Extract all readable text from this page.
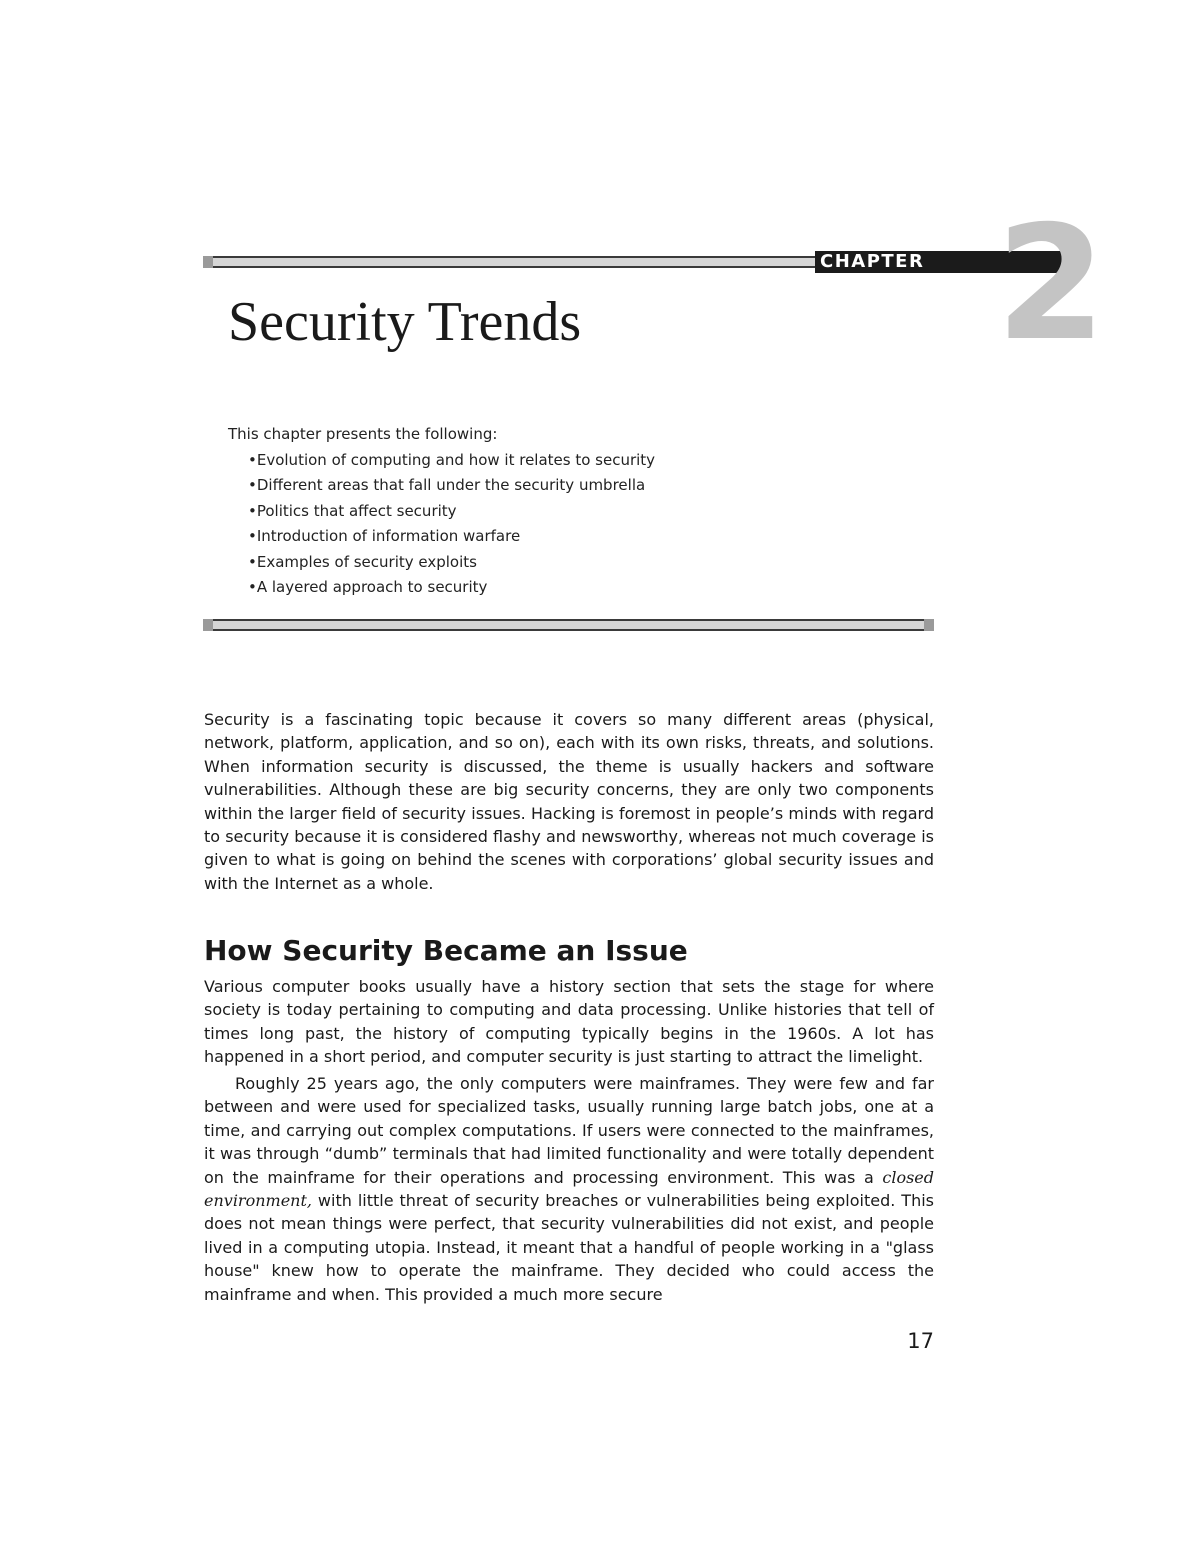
CHAPTER 2
Security Trends
This chapter presents the following:
• Evolution of computing and how it relates to security
• Different areas that fall under the security umbrella
• Politics that affect security
• Introduction of information warfare
• Examples of security exploits
• A layered approach to security

Security is a fascinating topic because it covers so many different areas (physical, network, platform, application, and so on), each with its own risks, threats, and solutions. When information security is discussed, the theme is usually hackers and software vulnerabilities. Although these are big security concerns, they are only two components within the larger field of security issues. Hacking is foremost in people’s minds with regard to security because it is considered flashy and newsworthy, whereas not much coverage is given to what is going on behind the scenes with corporations’ global security issues and with the Internet as a whole.

How Security Became an Issue

Various computer books usually have a history section that sets the stage for where society is today pertaining to computing and data processing. Unlike histories that tell of times long past, the history of computing typically begins in the 1960s. A lot has happened in a short period, and computer security is just starting to attract the limelight.

Roughly 25 years ago, the only computers were mainframes. They were few and far between and were used for specialized tasks, usually running large batch jobs, one at a time, and carrying out complex computations. If users were connected to the mainframes, it was through “dumb” terminals that had limited functionality and were totally dependent on the mainframe for their operations and processing environment. This was a closed environment, with little threat of security breaches or vulnerabilities being exploited. This does not mean things were perfect, that security vulnerabilities did not exist, and people lived in a computing utopia. Instead, it meant that a handful of people working in a "glass house" knew how to operate the mainframe. They decided who could access the mainframe and when. This provided a much more secure

17
